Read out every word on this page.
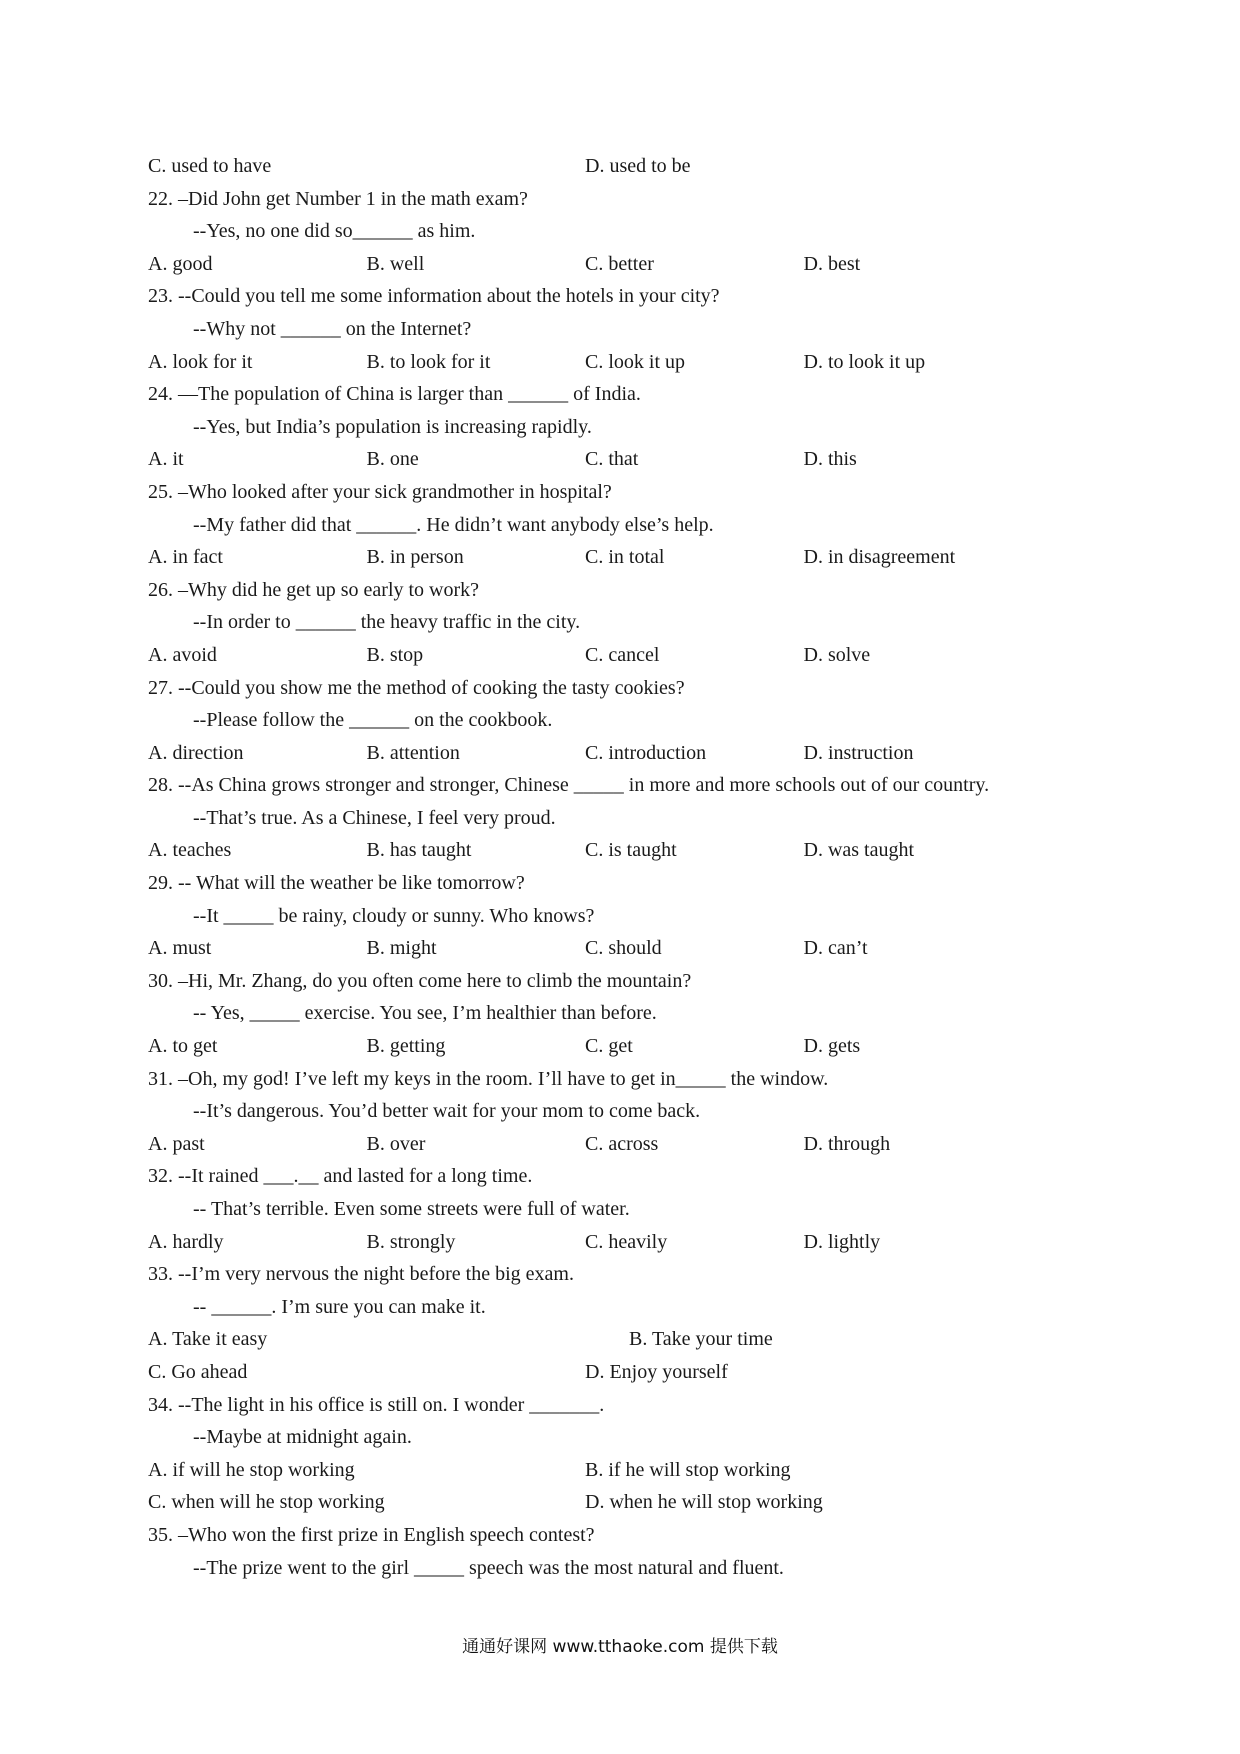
C. used to have	D. used to be
22. –Did John get Number 1 in the math exam?
--Yes, no one did so______ as him.
A. good	B. well	C. better	D. best
23. --Could you tell me some information about the hotels in your city?
--Why not ______ on the Internet?
A. look for it	B. to look for it	C. look it up	D. to look it up
24. —The population of China is larger than ______ of India.
--Yes, but India’s population is increasing rapidly.
A. it	B. one	C. that	D. this
25. –Who looked after your sick grandmother in hospital?
--My father did that ______. He didn’t want anybody else’s help.
A. in fact	B. in person	C. in total	D. in disagreement
26. –Why did he get up so early to work?
--In order to ______ the heavy traffic in the city.
A. avoid	B. stop	C. cancel	D. solve
27. --Could you show me the method of cooking the tasty cookies?
--Please follow the ______ on the cookbook.
A. direction	B. attention	C. introduction	D. instruction
28. --As China grows stronger and stronger, Chinese _____ in more and more schools out of our country.
--That’s true. As a Chinese, I feel very proud.
A. teaches	B. has taught	C. is taught	D. was taught
29. -- What will the weather be like tomorrow?
--It _____ be rainy, cloudy or sunny. Who knows?
A. must	B. might	C. should	D. can’t
30. –Hi, Mr. Zhang, do you often come here to climb the mountain?
-- Yes, _____ exercise. You see, I’m healthier than before.
A. to get	B. getting	C. get	D. gets
31. –Oh, my god! I’ve left my keys in the room. I’ll have to get in_____ the window.
--It’s dangerous. You’d better wait for your mom to come back.
A. past	B. over	C. across	D. through
32. --It rained ___.__ and lasted for a long time.
-- That’s terrible. Even some streets were full of water.
A. hardly	B. strongly	C. heavily	D. lightly
33. --I’m very nervous the night before the big exam.
-- ______. I’m sure you can make it.
A. Take it easy	B. Take your time
C. Go ahead	D. Enjoy yourself
34. --The light in his office is still on. I wonder _______.
--Maybe at midnight again.
A. if will he stop working	B. if he will stop working
C. when will he stop working	D. when he will stop working
35. –Who won the first prize in English speech contest?
--The prize went to the girl _____ speech was the most natural and fluent.
通通好课网 www.tthaoke.com 提供下载
